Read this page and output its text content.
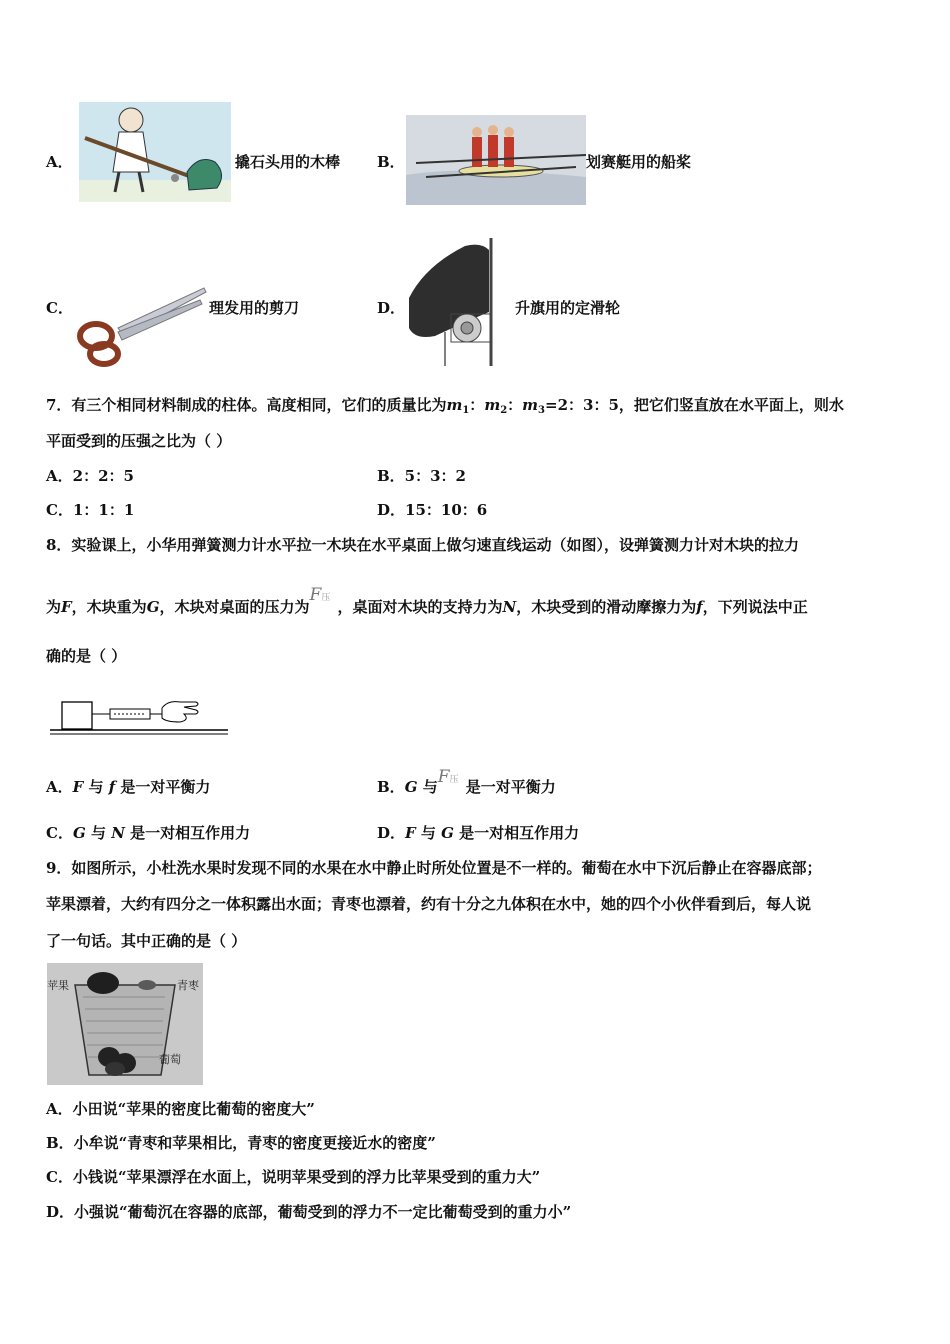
A．	撬石头用的木棒 B．	划赛艇用的船桨
C．	理发用的剪刀	D．	升旗用的定滑轮
7．有三个相同材料制成的柱体。高度相同，它们的质量比为$m_1$：$m_2$：$m_3=2$：3：5，把它们竖直放在水平面上，则水
平面受到的压强之比为（ ）
A．2：2：5	B．5：3：2
C．1：1：1	D．15：10：6
8．实验课上，小华用弹簧测力计水平拉一木块在水平桌面上做匀速直线运动（如图），设弹簧测力计对木块的拉力
为F，木块重为G，木块对桌面的压力为F压 ，桌面对木块的支持力为N，木块受到的滑动摩擦力为f，下列说法中正
确的是（ ）
A．F 与 f 是一对平衡力	B．G 与F压 是一对平衡力
C．G 与 N 是一对相互作用力	D．F 与 G 是一对相互作用力
9．如图所示，小杜洗水果时发现不同的水果在水中静止时所处位置是不一样的。葡萄在水中下沉后静止在容器底部；
苹果漂着，大约有四分之一体积露出水面；青枣也漂着，约有十分之九体积在水中，她的四个小伙伴看到后，每人说
了一句话。其中正确的是（ ）
苹果	青枣
葡萄
A．小田说“苹果的密度比葡萄的密度大”
B．小牟说“青枣和苹果相比，青枣的密度更接近水的密度”
C．小钱说“苹果漂浮在水面上，说明苹果受到的浮力比苹果受到的重力大”
D．小强说“葡萄沉在容器的底部，葡萄受到的浮力不一定比葡萄受到的重力小”
